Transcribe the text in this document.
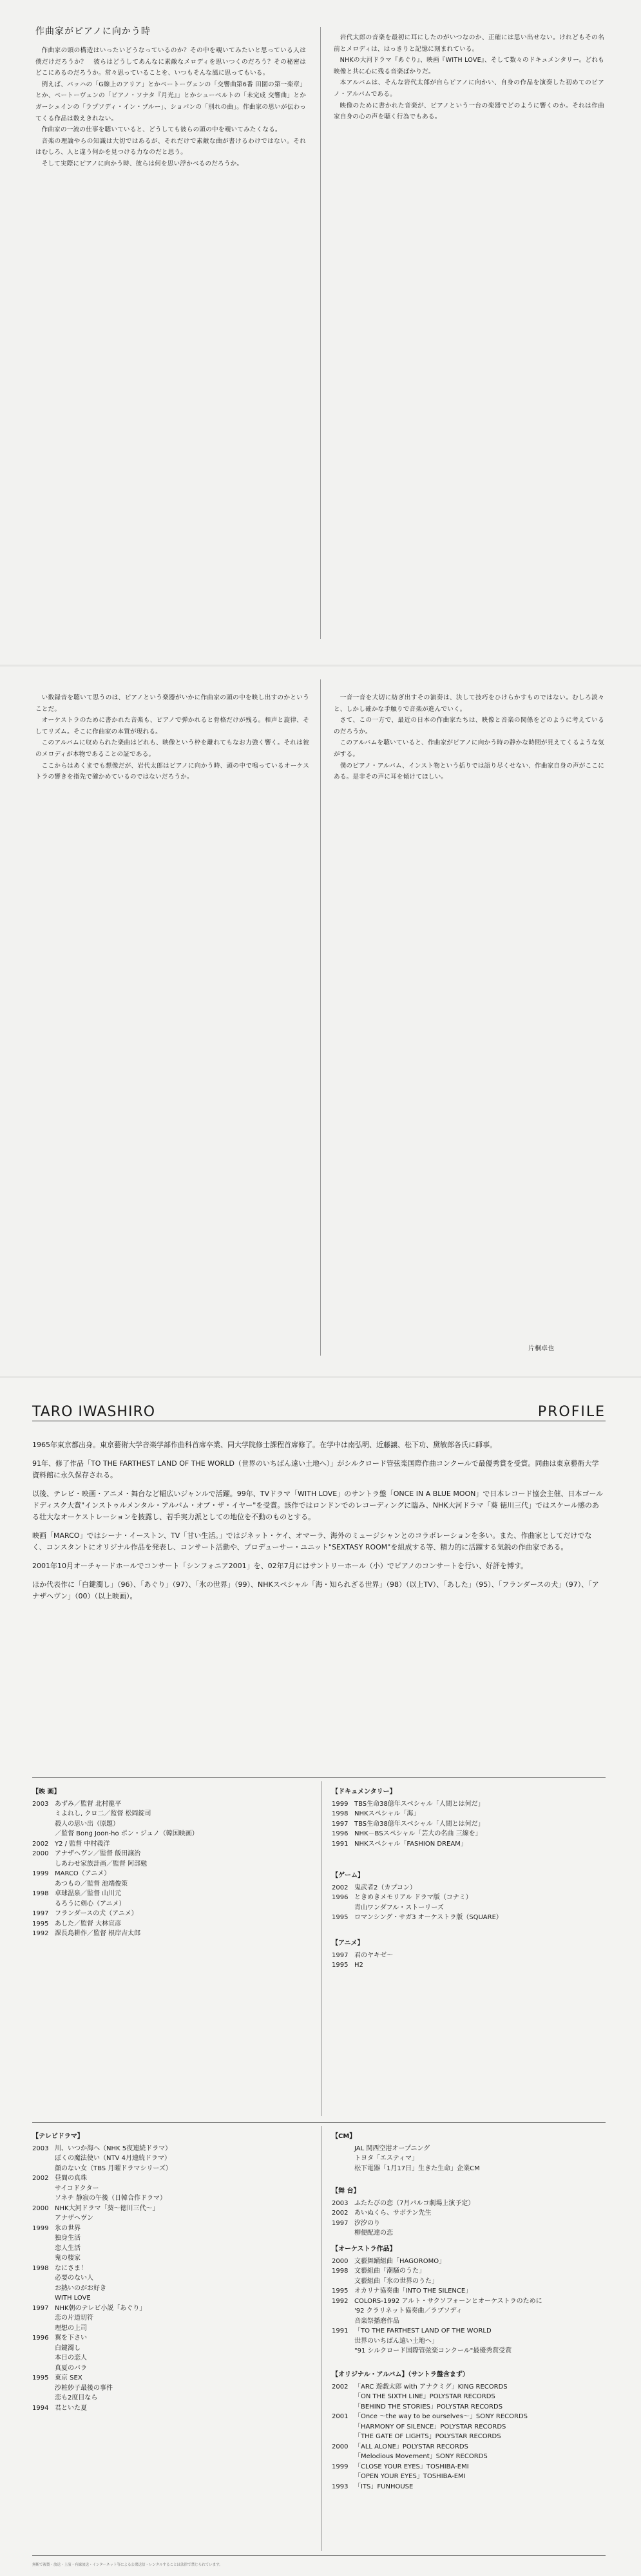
作曲家がピアノに向かう時

作曲家の頭の構造はいったいどうなっているのか？その中を覗いてみたいと思っている人は僕だけだろうか？　彼らはどうしてあんなに素敵なメロディを思いつくのだろう？その秘密はどこにあるのだろうか。常々思っていることを、いつもそんな風に思ってもいる。

例えば、バッハの「G線上のアリア」とかベートーヴェンの「交響曲第6番 田園の第一楽章」とか、ベートーヴェンの「ピアノ・ソナタ『月光』」とかシューベルトの「未完成 交響曲」とかガーシュインの「ラプソディ・イン・ブルー」、ショパンの「別れの曲」。作曲家の思いが伝わってくる作品は数えきれない。

作曲家の一流の仕事を聴いていると、どうしても彼らの頭の中を覗いてみたくなる。

音楽の理論やらの知識は大切ではあるが、それだけで素敵な曲が書けるわけではない。それはむしろ、人と違う何かを見つける力なのだと思う。

そして実際にピアノに向かう時、彼らは何を思い浮かべるのだろうか。

岩代太郎の音楽を最初に耳にしたのがいつなのか、正確には思い出せない。けれどもその名前とメロディは、はっきりと記憶に刻まれている。

NHKの大河ドラマ『あぐり』、映画『WITH LOVE』、そして数々のドキュメンタリー。どれも映像と共に心に残る音楽ばかりだ。

本アルバムは、そんな岩代太郎が自らピアノに向かい、自身の作品を演奏した初めてのピアノ・アルバムである。

映像のために書かれた音楽が、ピアノという一台の楽器でどのように響くのか。それは作曲家自身の心の声を聴く行為でもある。

い数録音を聴いて思うのは、ピアノという楽器がいかに作曲家の頭の中を映し出すのかということだ。

オーケストラのために書かれた音楽も、ピアノで弾かれると骨格だけが残る。和声と旋律、そしてリズム。そこに作曲家の本質が現れる。

このアルバムに収められた楽曲はどれも、映像という枠を離れてもなお力強く響く。それは彼のメロディが本物であることの証である。

ここからはあくまでも想像だが、岩代太郎はピアノに向かう時、頭の中で鳴っているオーケストラの響きを指先で確かめているのではないだろうか。

一音一音を大切に紡ぎ出すその演奏は、決して技巧をひけらかすものではない。むしろ淡々と、しかし確かな手触りで音楽が進んでいく。

さて、この一方で、最近の日本の作曲家たちは、映像と音楽の関係をどのように考えているのだろうか。

このアルバムを聴いていると、作曲家がピアノに向かう時の静かな時間が見えてくるような気がする。

僕のピアノ・アルバム、インスト物という括りでは語り尽くせない、作曲家自身の声がここにある。是非その声に耳を傾けてほしい。

片桐卓也
TARO IWASHIRO	PROFILE

1965年東京都出身。東京藝術大学音楽学部作曲科首席卒業、同大学院修士課程首席修了。在学中は南弘明、近藤譲、松下功、黛敏郎各氏に師事。

91年、修了作品「TO THE FARTHEST LAND OF THE WORLD（世界のいちばん遠い土地へ）」がシルクロード管弦楽国際作曲コンクールで最優秀賞を受賞。同曲は東京藝術大学資料館に永久保存される。

以後、テレビ・映画・アニメ・舞台など幅広いジャンルで活躍。99年、TVドラマ「WITH LOVE」のサントラ盤「ONCE IN A BLUE MOON」で日本レコード協会主催、日本ゴールドディスク大賞"インストゥルメンタル・アルバム・オブ・ザ・イヤー"を受賞。該作ではロンドンでのレコーディングに臨み、NHK大河ドラマ「葵 徳川三代」ではスケール感のある壮大なオーケストレーションを披露し、若手実力派としての地位を不動のものとする。

映画「MARCO」ではシーナ・イーストン、TV「甘い生活。」ではジネット・ケイ、オマーラ、海外のミュージシャンとのコラボレーションを多い。また、作曲家としてだけでなく、コンスタントにオリジナル作品を発表し、コンサート活動や、プロデューサー・ユニット"SEXTASY ROOM"を組成する等、精力的に活躍する気鋭の作曲家である。

2001年10月オーチャードホールでコンサート「シンフォニア2001」を、02年7月にはサントリーホール（小）でピアノのコンサートを行い、好評を博す。

ほか代表作に「白鍵濁し」（96）、「あぐり」（97）、「氷の世界」（99）、NHKスペシャル「海・知られざる世界」（98）（以上TV）、「あした」（95）、「フランダースの犬」（97）、「アナザヘヴン」（00）（以上映画）。

【映 画】
2003 あずみ／監督 北村龍平
ミよれし, クロ二／監督 松岡錠司
殺人の思い出（原題）
／監督 Bong Joon-ho ポン・ジュノ（韓国映画）
2002 Y2 / 監督 中村義洋
2000 アナザヘヴン／監督 飯田譲治
しあわせ家族計画／監督 阿部勉
1999 MARCO（アニメ）
あつもの／監督 池端俊策
1998 卓球温泉／監督 山川元
るろうに剣心（アニメ）
1997 フランダースの犬（アニメ）
1995 あした／監督 大林宣彦
1992 課長島耕作／監督 根岸吉太郎
【ドキュメンタリー】
1999 TBS生命38億年スペシャル「人間とは何だ」
1998 NHKスペシャル「海」
1997 TBS生命38億年スペシャル「人間とは何だ」
1996 NHK－BSスペシャル「芸大の名曲 三線を」
1991 NHKスペシャル「FASHION DREAM」
【ゲーム】
2002 鬼武者2（カプコン）
1996 ときめきメモリアル ドラマ版（コナミ）
青山ワンダフル・ストーリーズ
1995 ロマンシング・サガ3 オーケストラ版（SQUARE）
【アニメ】
1997 君のヤキゼ〜
1995 H2
【テレビドラマ】
2003 川、いつか海へ（NHK 5夜連続ドラマ）
ぼくの魔法使い（NTV 4月連続ドラマ）
顔のない女（TBS 月曜ドラマシリーズ）
2002 昼間の真珠
サイコドクター
ソネチ 静寂の午後（日韓合作ドラマ）
2000 NHK大河ドラマ「葵〜徳川三代〜」
アナザヘヴン
1999 氷の世界
独身生活
恋人生活
鬼の棲家
1998 なにさま！
必要のない人
お熱いのがお好き
WITH LOVE
1997 NHK朝のテレビ小説「あぐり」
恋の片道切符
理想の上司
1996 翼を下さい
白鍵濁し
本日の恋人
真夏のバラ
1995 東京 SEX
沙粧妙子最後の事件
恋も2度目なら
1994 君といた夏
【CM】
JAL 関西空港オープニング
トヨタ「エスティマ」
松下電器「1月17日」生きた生命」企業CM
【舞 台】
2003 ふたたびの恋（7月パルコ劇場上演予定）
2002 あいぬくら、サボテン先生
1997 汐汐のり
柳便配達の恋
【オーケストラ作品】
2000 文藝舞踊組曲「HAGOROMO」
1998 文藝組曲「潮騒のうた」
文藝組曲「氷の世界のうた」
1995 オカリナ協奏曲「INTO THE SILENCE」
1992 COLORS-1992 アルト・サクソフォーンとオーケストラのために
'92 クラリネット協奏曲／ラプソディ
音楽祭播磨作品
1991 「TO THE FARTHEST LAND OF THE WORLD
世界のいちばん遠い土地へ」
"91 シルクロード国際管弦楽コンクール"最優秀賞受賞
【オリジナル・アルバム】（サントラ盤含まず）
2002 「ARC 遊戯太郎 with アナクミグ」KING RECORDS
「ON THE SIXTH LINE」POLYSTAR RECORDS
「BEHIND THE STORIES」POLYSTAR RECORDS
2001 「Once 〜the way to be ourselves〜」SONY RECORDS
「HARMONY OF SILENCE」POLYSTAR RECORDS
「THE GATE OF LIGHTS」POLYSTAR RECORDS
2000 「ALL ALONE」POLYSTAR RECORDS
「Melodious Movement」SONY RECORDS
1999 「CLOSE YOUR EYES」TOSHIBA-EMI
「OPEN YOUR EYES」TOSHIBA-EMI
1993 「ITS」FUNHOUSE
無断で複製・放送・上演・有線放送・インターネット等による公衆送信・レンタルすることは法律で禁じられています。
